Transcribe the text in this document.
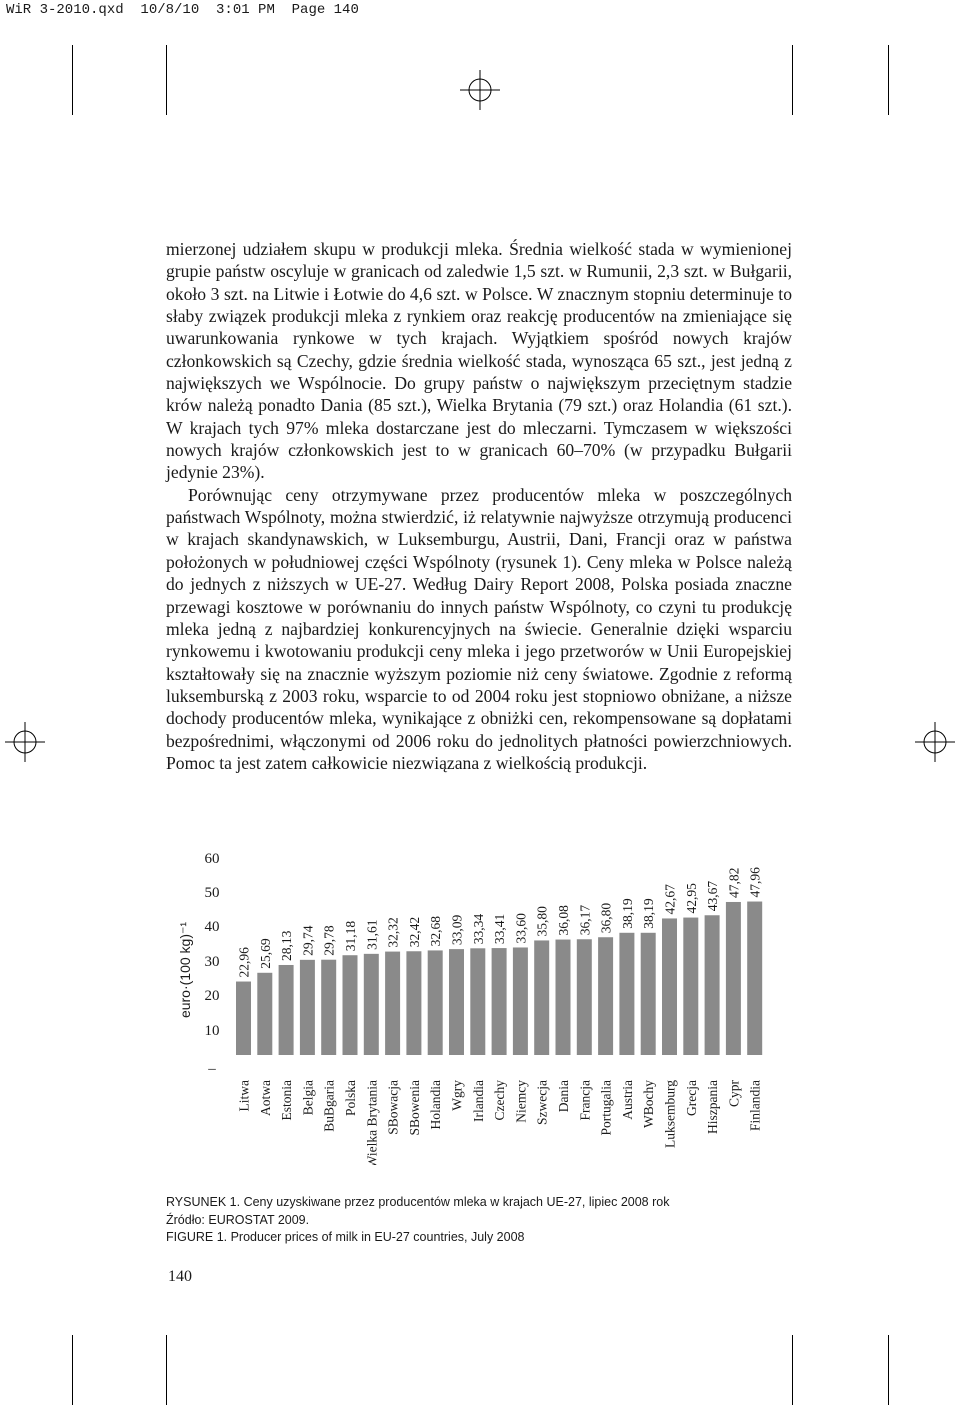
WiR 3-2010.qxd  10/8/10  3:01 PM  Page 140

mierzonej udziałem skupu w produkcji mleka. Średnia wielkość stada w wymienionej grupie państw oscyluje w granicach od zaledwie 1,5 szt. w Rumunii, 2,3 szt. w Bułgarii, około 3 szt. na Litwie i Łotwie do 4,6 szt. w Polsce. W znacznym stopniu determinuje to słaby związek produkcji mleka z rynkiem oraz reakcję producentów na zmieniające się uwarunkowania rynkowe w tych krajach. Wyjątkiem spośród nowych krajów członkowskich są Czechy, gdzie średnia wielkość stada, wynosząca 65 szt., jest jedną z największych we Wspólnocie. Do grupy państw o największym przeciętnym stadzie krów należą ponadto Dania (85 szt.), Wielka Brytania (79 szt.) oraz Holandia (61 szt.). W krajach tych 97% mleka dostarczane jest do mleczarni. Tymczasem w większości nowych krajów członkowskich jest to w granicach 60–70% (w przypadku Bułgarii jedynie 23%).

Porównując ceny otrzymywane przez producentów mleka w poszczególnych państwach Wspólnoty, można stwierdzić, iż relatywnie najwyższe otrzymują producenci w krajach skandynawskich, w Luksemburgu, Austrii, Dani, Francji oraz w państwa położonych w południowej części Wspólnoty (rysunek 1). Ceny mleka w Polsce należą do jednych z niższych w UE-27. Według Dairy Report 2008, Polska posiada znaczne przewagi kosztowe w porównaniu do innych państw Wspólnoty, co czyni tu produkcję mleka jedną z najbardziej konkurencyjnych na świecie. Generalnie dzięki wsparciu rynkowemu i kwotowaniu produkcji ceny mleka i jego przetworów w Unii Europejskiej kształtowały się na znacznie wyższym poziomie niż ceny światowe. Zgodnie z reformą luksemburską z 2003 roku, wsparcie to od 2004 roku jest stopniowo obniżane, a niższe dochody producentów mleka, wynikające z obniżki cen, rekompensowane są dopłatami bezpośrednimi, włączonymi od 2006 roku do jednolitych płatności powierzchniowych. Pomoc ta jest zatem całkowicie niezwiązana z wielkością produkcji.

euro·(100 kg)⁻¹
60
50
40
30
20
10
–
22,96 25,69 28,13 29,74 29,78 31,18 31,61 32,32 32,42 32,68 33,09 33,34 33,41 33,60 35,80 36,08 36,17 36,80 38,19 38,19 42,67 42,95 43,67 47,82 47,96
Litwa Aotwa Estonia Belgia BuBgaria Polska Wielka Brytania SBowacja SBowenia Holandia Wgry Irlandia Czechy Niemcy Szwecja Dania Francja Portugalia Austria WBochy Luksemburg Grecja Hiszpania Cypr Finlandia
RYSUNEK 1. Ceny uzyskiwane przez producentów mleka w krajach UE-27, lipiec 2008 rok
Źródło: EUROSTAT 2009.
FIGURE 1. Producer prices of milk in EU-27 countries, July 2008
140
